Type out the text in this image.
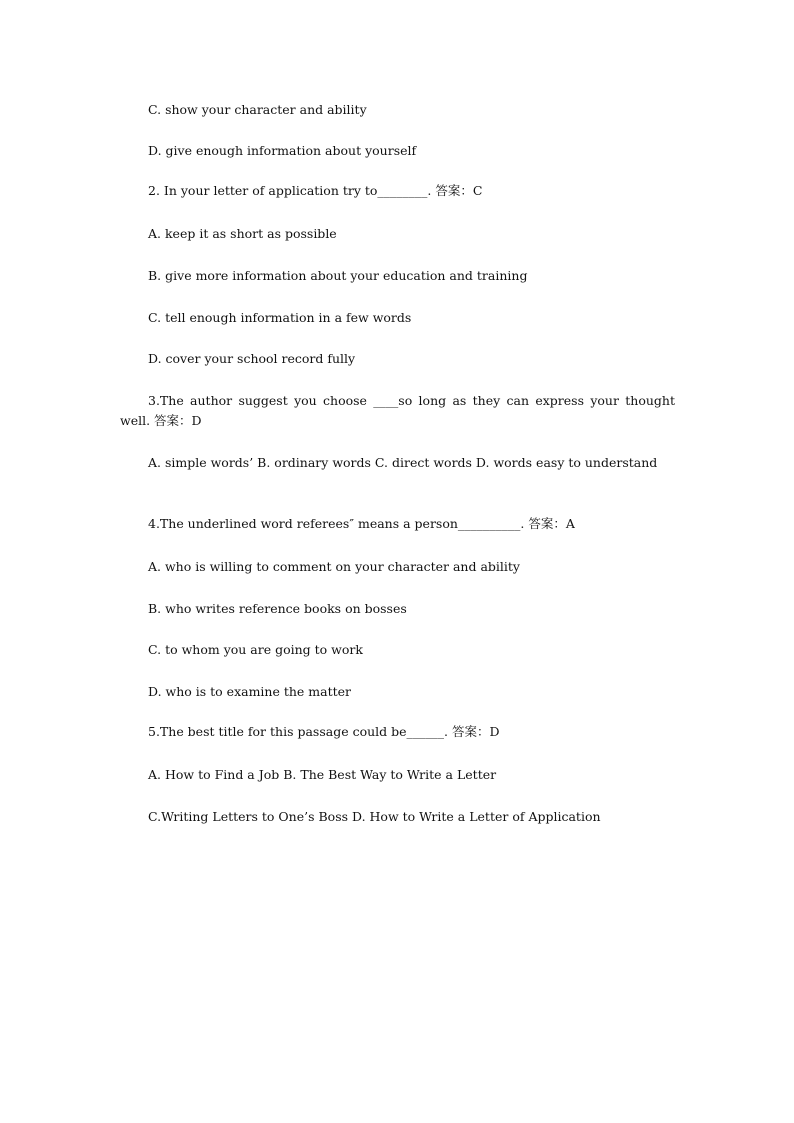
C. show your character and ability
D. give enough information about yourself
2. In your letter of application try to________. 答案：C
A. keep it as short as possible
B. give more information about your education and training
C. tell enough information in a few words
D. cover your school record fully
3.The author suggest you choose ____so long as they can express your thought well. 答案：D
A. simple words’ B. ordinary words C. direct words D. words easy to understand
4.The underlined word referees″ means a person__________. 答案：A
A. who is willing to comment on your character and ability
B. who writes reference books on bosses
C. to whom you are going to work
D. who is to examine the matter
5.The best title for this passage could be______. 答案：D
A. How to Find a Job B. The Best Way to Write a Letter
C.Writing Letters to One’s Boss D. How to Write a Letter of Application
